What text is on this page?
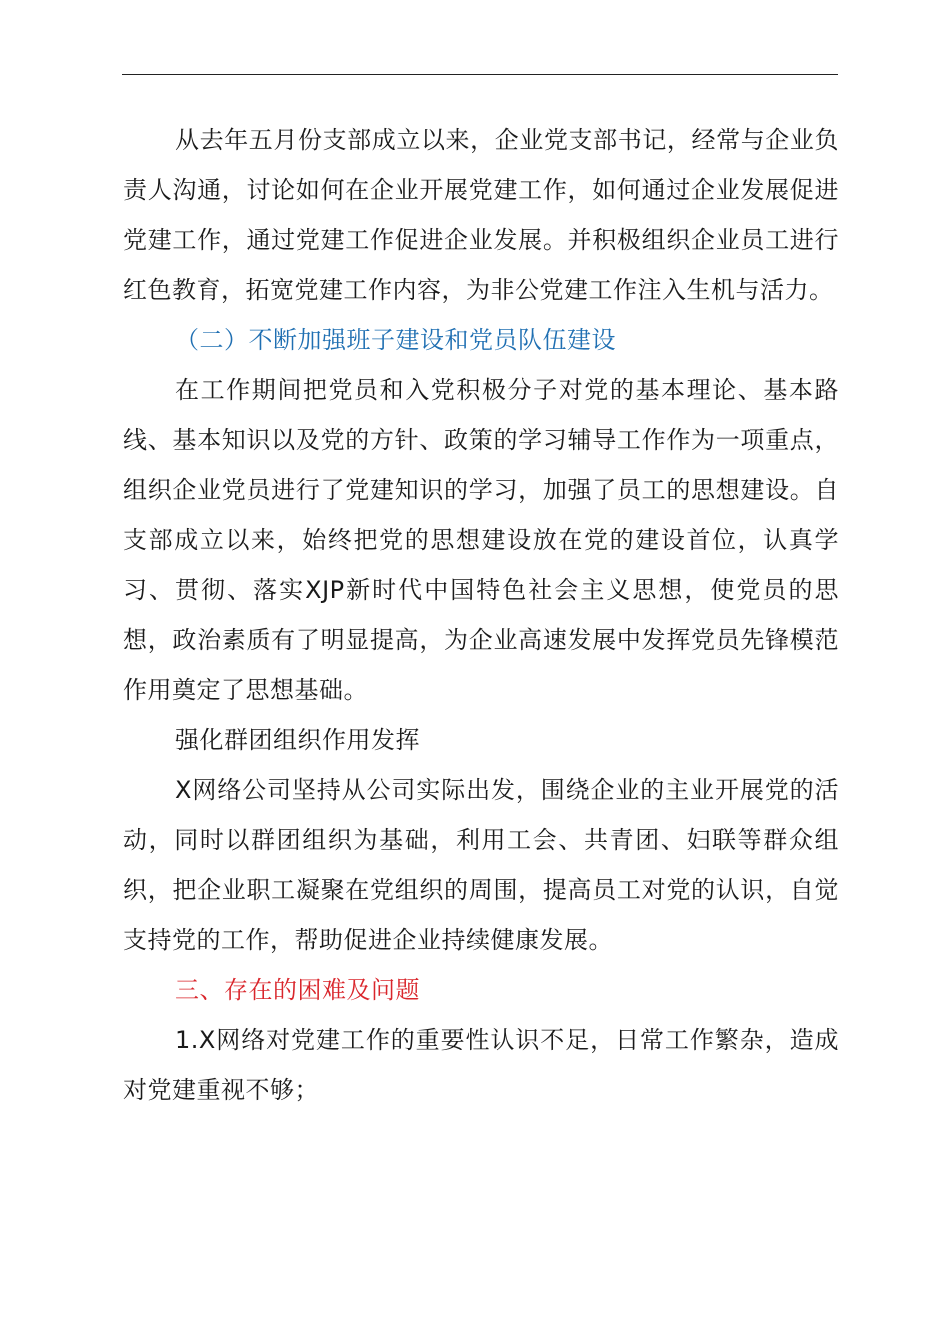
从去年五月份支部成立以来，企业党支部书记，经常与企业负责人沟通，讨论如何在企业开展党建工作，如何通过企业发展促进党建工作，通过党建工作促进企业发展。并积极组织企业员工进行红色教育，拓宽党建工作内容，为非公党建工作注入生机与活力。

（二）不断加强班子建设和党员队伍建设

在工作期间把党员和入党积极分子对党的基本理论、基本路线、基本知识以及党的方针、政策的学习辅导工作作为一项重点，组织企业党员进行了党建知识的学习，加强了员工的思想建设。自支部成立以来，始终把党的思想建设放在党的建设首位，认真学习、贯彻、落实XJP新时代中国特色社会主义思想，使党员的思想，政治素质有了明显提高，为企业高速发展中发挥党员先锋模范作用奠定了思想基础。

强化群团组织作用发挥

X网络公司坚持从公司实际出发，围绕企业的主业开展党的活动，同时以群团组织为基础，利用工会、共青团、妇联等群众组织，把企业职工凝聚在党组织的周围，提高员工对党的认识，自觉支持党的工作，帮助促进企业持续健康发展。

三、存在的困难及问题

1.X网络对党建工作的重要性认识不足，日常工作繁杂，造成对党建重视不够；
